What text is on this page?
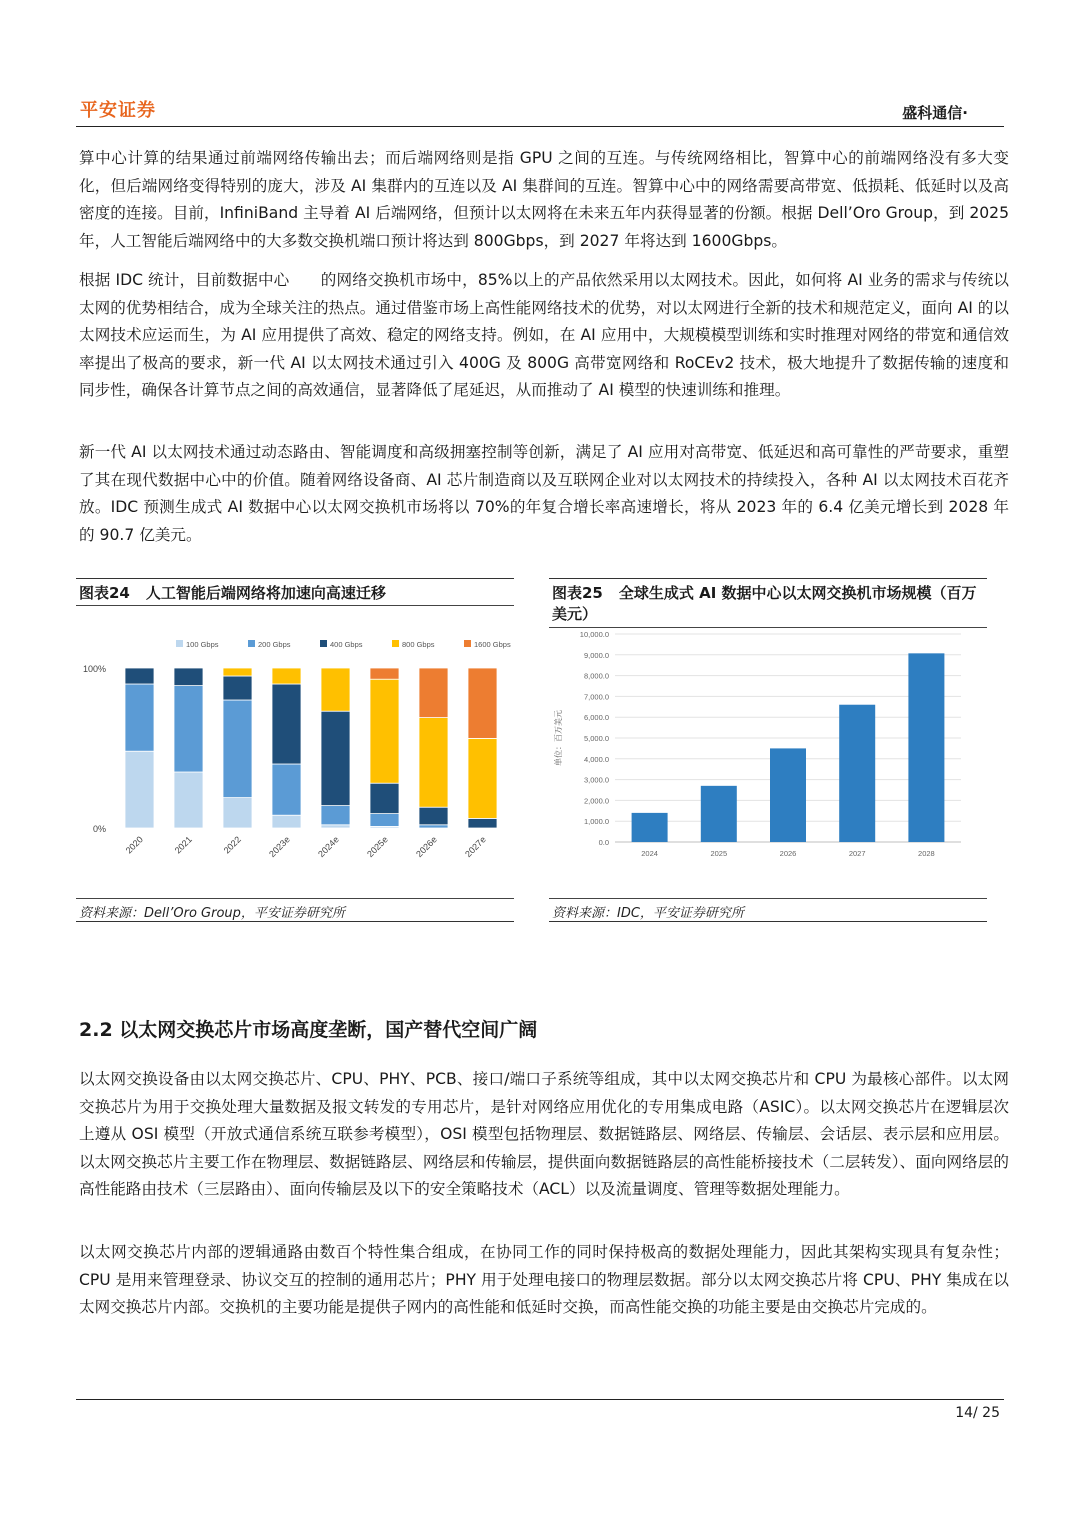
平安证券	盛科通信·

算中心计算的结果通过前端网络传输出去；而后端网络则是指 GPU 之间的互连。与传统网络相比，智算中心的前端网络没有多大变化，但后端网络变得特别的庞大，涉及 AI 集群内的互连以及 AI 集群间的互连。智算中心中的网络需要高带宽、低损耗、低延时以及高密度的连接。目前，InfiniBand 主导着 AI 后端网络，但预计以太网将在未来五年内获得显著的份额。根据 Dell’Oro Group，到 2025 年，人工智能后端网络中的大多数交换机端口预计将达到 800Gbps，到 2027 年将达到 1600Gbps。

根据 IDC 统计，目前数据中心　　的网络交换机市场中，85%以上的产品依然采用以太网技术。因此，如何将 AI 业务的需求与传统以太网的优势相结合，成为全球关注的热点。通过借鉴市场上高性能网络技术的优势，对以太网进行全新的技术和规范定义，面向 AI 的以太网技术应运而生，为 AI 应用提供了高效、稳定的网络支持。例如，在 AI 应用中，大规模模型训练和实时推理对网络的带宽和通信效率提出了极高的要求，新一代 AI 以太网技术通过引入 400G 及 800G 高带宽网络和 RoCEv2 技术，极大地提升了数据传输的速度和同步性，确保各计算节点之间的高效通信，显著降低了尾延迟，从而推动了 AI 模型的快速训练和推理。

新一代 AI 以太网技术通过动态路由、智能调度和高级拥塞控制等创新，满足了 AI 应用对高带宽、低延迟和高可靠性的严苛要求，重塑了其在现代数据中心中的价值。随着网络设备商、AI 芯片制造商以及互联网企业对以太网技术的持续投入，各种 AI 以太网技术百花齐放。IDC 预测生成式 AI 数据中心以太网交换机市场将以 70%的年复合增长率高速增长，将从 2023 年的 6.4 亿美元增长到 2028 年的 90.7 亿美元。

图表24 人工智能后端网络将加速向高速迁移
100 Gbps	200 Gbps	400 Gbps	800 Gbps	1600 Gbps
0%
100%
2020	2021	2022	2023e	2024e	2025e	2026e	2027e
资料来源：Dell’Oro Group，平安证券研究所
图表25 全球生成式 AI 数据中心以太网交换机市场规模（百万美元）
0.0
1,000.0
2,000.0
3,000.0
4,000.0
5,000.0
6,000.0
7,000.0
8,000.0
9,000.0
10,000.0
单位：百万美元
2024	2025	2026	2027	2028
资料来源：IDC，平安证券研究所
2.2 以太网交换芯片市场高度垄断，国产替代空间广阔

以太网交换设备由以太网交换芯片、CPU、PHY、PCB、接口/端口子系统等组成，其中以太网交换芯片和 CPU 为最核心部件。以太网交换芯片为用于交换处理大量数据及报文转发的专用芯片，是针对网络应用优化的专用集成电路（ASIC）。以太网交换芯片在逻辑层次上遵从 OSI 模型（开放式通信系统互联参考模型），OSI 模型包括物理层、数据链路层、网络层、传输层、会话层、表示层和应用层。以太网交换芯片主要工作在物理层、数据链路层、网络层和传输层，提供面向数据链路层的高性能桥接技术（二层转发）、面向网络层的高性能路由技术（三层路由）、面向传输层及以下的安全策略技术（ACL）以及流量调度、管理等数据处理能力。

以太网交换芯片内部的逻辑通路由数百个特性集合组成，在协同工作的同时保持极高的数据处理能力，因此其架构实现具有复杂性；CPU 是用来管理登录、协议交互的控制的通用芯片；PHY 用于处理电接口的物理层数据。部分以太网交换芯片将 CPU、PHY 集成在以太网交换芯片内部。交换机的主要功能是提供子网内的高性能和低延时交换，而高性能交换的功能主要是由交换芯片完成的。

14/ 25
